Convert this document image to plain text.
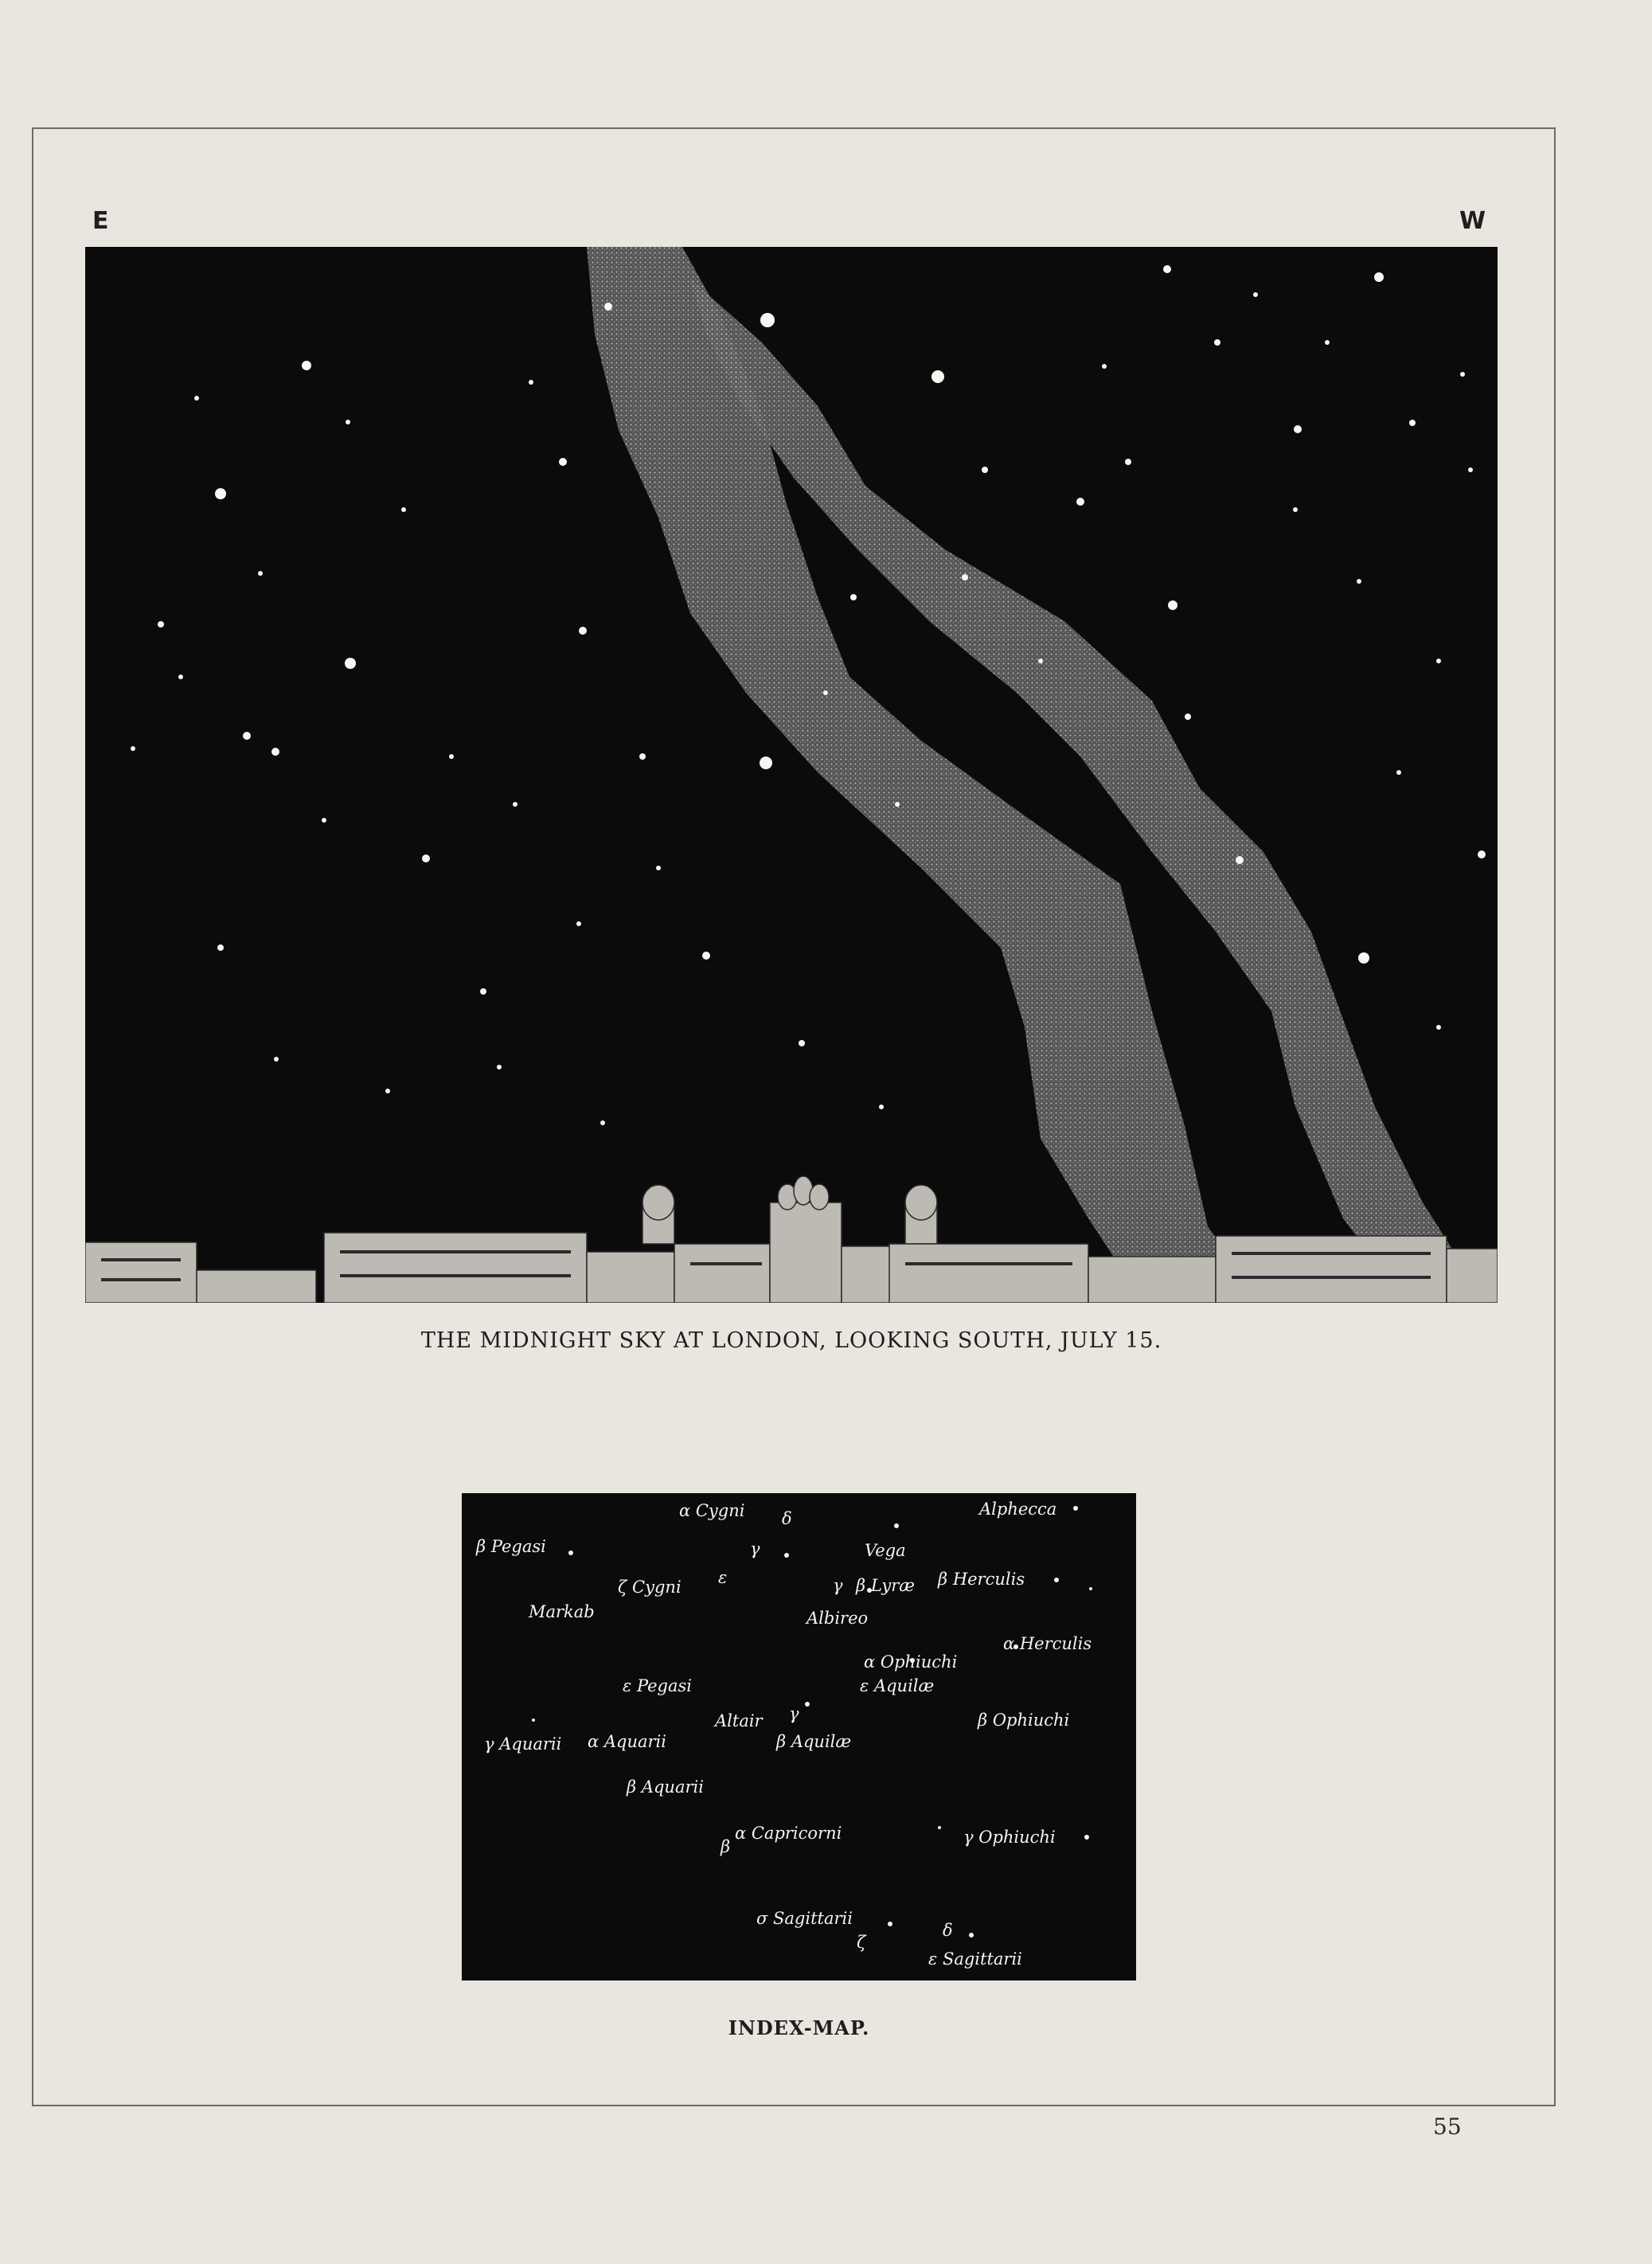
E	W
THE MIDNIGHT SKY AT LONDON, LOOKING SOUTH, JULY 15.
α Cygni δ	Alphecca
β Pegasi	γ	Vega
ζ Cygni ε	γ β Lyræ β Herculis
Markab	Albireo
α Herculis
α Ophiuchi
ε Pegasi	ε Aquilæ
Altair γ	β Ophiuchi
γ Aquarii α Aquarii	β Aquilæ
β Aquarii
α Capricorni
β	γ Ophiuchi
σ Sagittarii
δ
ζ
ε Sagittarii
INDEX-MAP.
55
